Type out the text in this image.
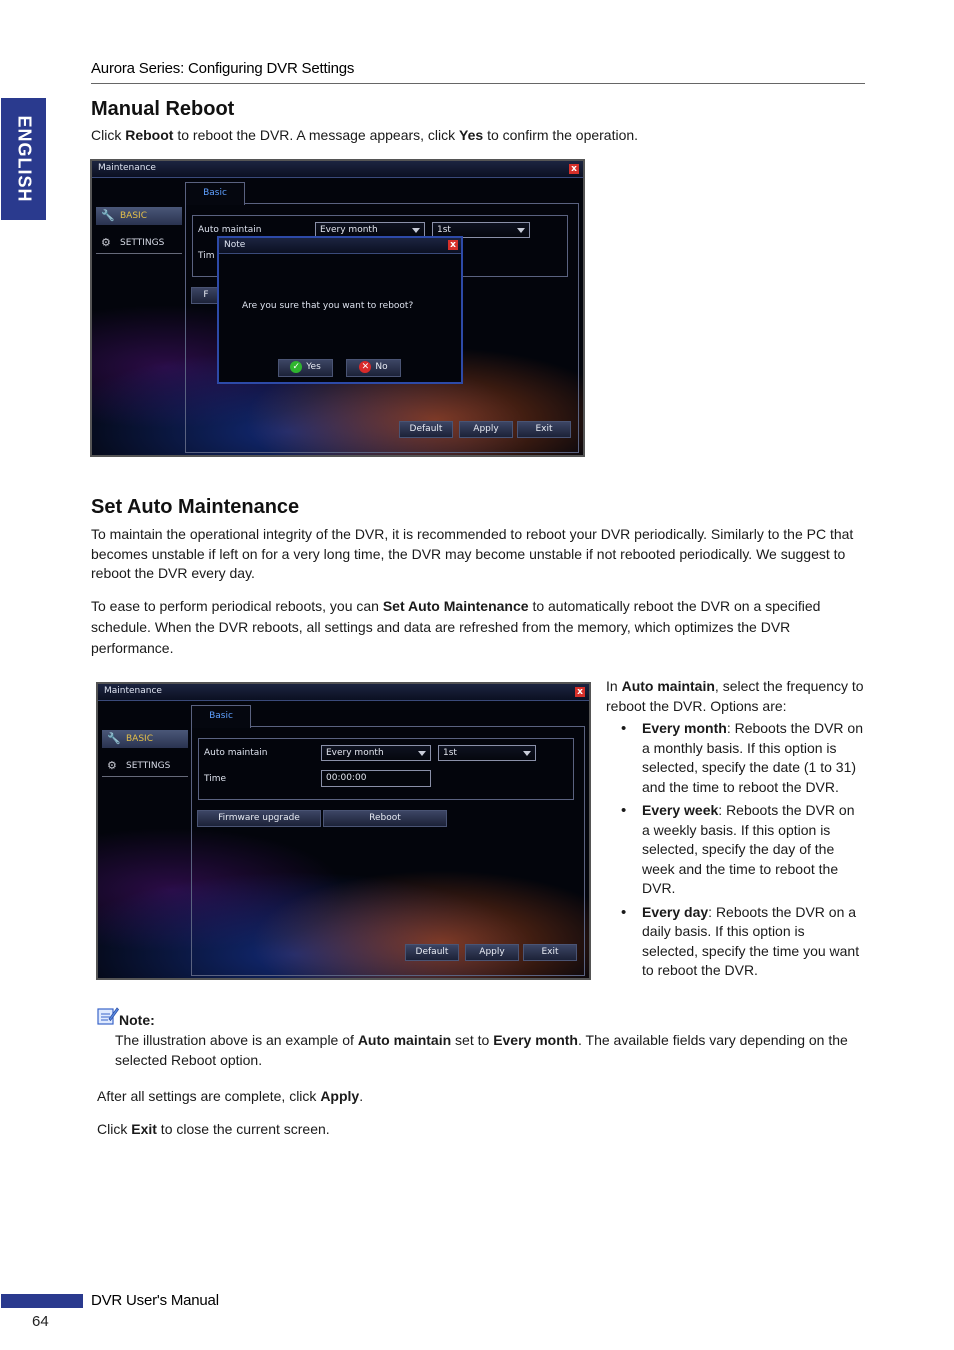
Aurora Series: Configuring DVR Settings
ENGLISH
Manual Reboot

Click Reboot to reboot the DVR. A message appears, click Yes to confirm the operation.

Maintenance	x
🔧 BASIC
⚙ SETTINGS
Basic
Auto maintain	Every month	1st
Tim
F
Note	x
Are you sure that you want to reboot?
✓ Yes	✕ No
Default	Apply	Exit
Set Auto Maintenance

To maintain the operational integrity of the DVR, it is recommended to reboot your DVR periodically. Similarly to the PC that becomes unstable if left on for a very long time, the DVR may become unstable if not rebooted periodically. We suggest to reboot the DVR every day.

To ease to perform periodical reboots, you can Set Auto Maintenance to automatically reboot the DVR on a specified schedule. When the DVR reboots, all settings and data are refreshed from the memory, which optimizes the DVR performance.

Maintenance	x
🔧 BASIC
⚙ SETTINGS
Basic
Auto maintain	Every month	1st
Time	00:00:00
Firmware upgrade	Reboot
Default	Apply	Exit

In Auto maintain, select the frequency to reboot the DVR. Options are:

• Every month: Reboots the DVR on a monthly basis. If this option is selected, specify the date (1 to 31) and the time to reboot the DVR.
• Every week: Reboots the DVR on a weekly basis. If this option is selected, specify the day of the week and the time to reboot the DVR.
• Every day: Reboots the DVR on a daily basis. If this option is selected, specify the time you want to reboot the DVR.
Note:

The illustration above is an example of Auto maintain set to Every month. The available fields vary depending on the selected Reboot option.

After all settings are complete, click Apply.

Click Exit to close the current screen.

DVR User's Manual
64
